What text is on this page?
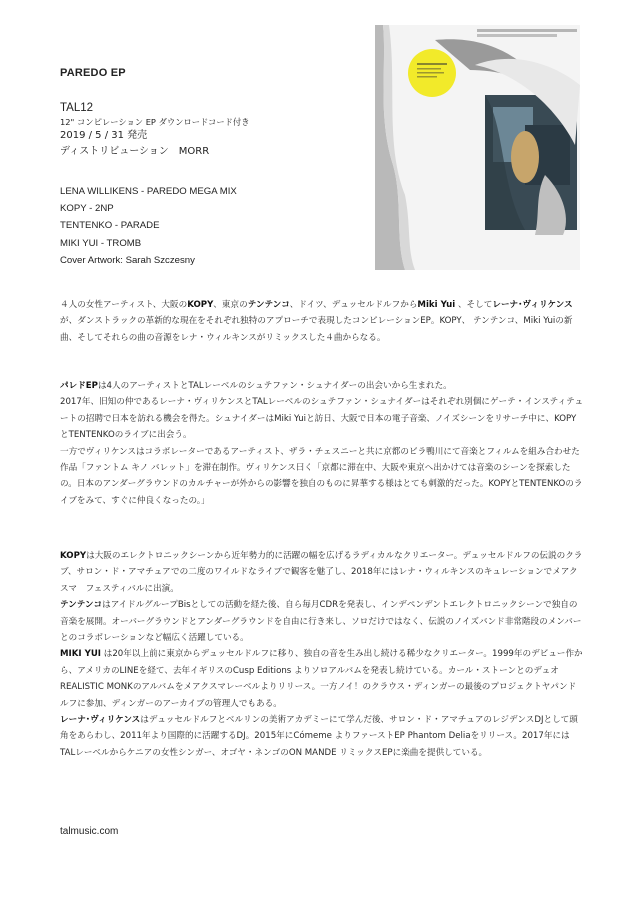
PAREDO EP
TAL12
12" コンピレーション EP ダウンロードコード付き
2019 / 5 / 31 発売
ディストリビューション　MORR
LENA WILLIKENS - PAREDO MEGA MIX
KOPY - 2NP
TENTENKO - PARADE
MIKI YUI - TROMB
Cover Artwork: Sarah Szczesny

４人の女性アーティスト、大阪のKOPY、東京のテンテンコ、ドイツ、デュッセルドルフからMiki Yui 、そしてレーナ･ヴィリケンスが、ダンストラックの革新的な現在をそれぞれ独特のアプローチで表現したコンピレーションEP。KOPY、 テンテンコ、Miki Yuiの新曲、そしてそれらの曲の音源をレナ・ウィルキンスがリミックスした４曲からなる。

パレドEPは4人のアーティストとTALレーベルのシュテファン・シュナイダーの出会いから生まれた。
2017年、旧知の仲であるレーナ・ヴィリケンスとTALレーベルのシュテファン・シュナイダーはそれぞれ別個にゲーテ・インスティテュートの招聘で日本を訪れる機会を得た。シュナイダーはMiki Yuiと訪日、大阪で日本の電子音楽、ノイズシーンをリサーチ中に、KOPYとTENTENKOのライブに出会う。
一方でヴィリケンスはコラボレーターであるアーティスト、ザラ・チェスニーと共に京都のビラ鴨川にて音楽とフィルムを組み合わせた作品「ファントム キノ バレット」を滞在制作。ヴィリケンス曰く「京都に滞在中、大阪や東京へ出かけては音楽のシーンを探索したの。日本のアンダーグラウンドのカルチャーが外からの影響を独自のものに昇華する様はとても刺激的だった。KOPYとTENTENKOのライブをみて、すぐに仲良くなったの。」

KOPYは大阪のエレクトロニックシーンから近年勢力的に活躍の幅を広げるラディカルなクリエーター。デュッセルドルフの伝説のクラブ、サロン・ド・アマチュアでの二度のワイルドなライブで観客を魅了し、2018年にはレナ・ウィルキンスのキュレーションでメアクスマ　フェスティバルに出演。
テンテンコはアイドルグループBisとしての活動を経た後、自ら毎月CDRを発表し、インデペンデントエレクトロニックシーンで独自の音楽を展開。オーバーグラウンドとアンダーグラウンドを自由に行き来し、ソロだけではなく、伝説のノイズバンド非常階段のメンバーとのコラボレーションなど幅広く活躍している。
MIKI YUI は20年以上前に東京からデュッセルドルフに移り、独自の音を生み出し続ける稀少なクリエーター。1999年のデビュー作から、アメリカのLINEを経て、去年イギリスのCusp Editions よりソロアルバムを発表し続けている。カール・ストーンとのデュオREALISTIC MONKのアルバムをメアクスマレーベルよりリリース。一方ノイ！のクラウス・ディンガーの最後のプロジェクトヤパンドルフに参加、ディンガーのアーカイブの管理人でもある。
レーナ･ヴィリケンスはデュッセルドルフとベルリンの美術アカデミーにて学んだ後、サロン・ド・アマチュアのレジデンスDJとして頭角をあらわし、2011年より国際的に活躍するDJ。2015年にCómeme よりファーストEP Phantom Deliaをリリース。2017年にはTALレーベルからケニアの女性シンガー、オゴヤ・ネンゴのON MANDE リミックスEPに楽曲を提供している。

talmusic.com
